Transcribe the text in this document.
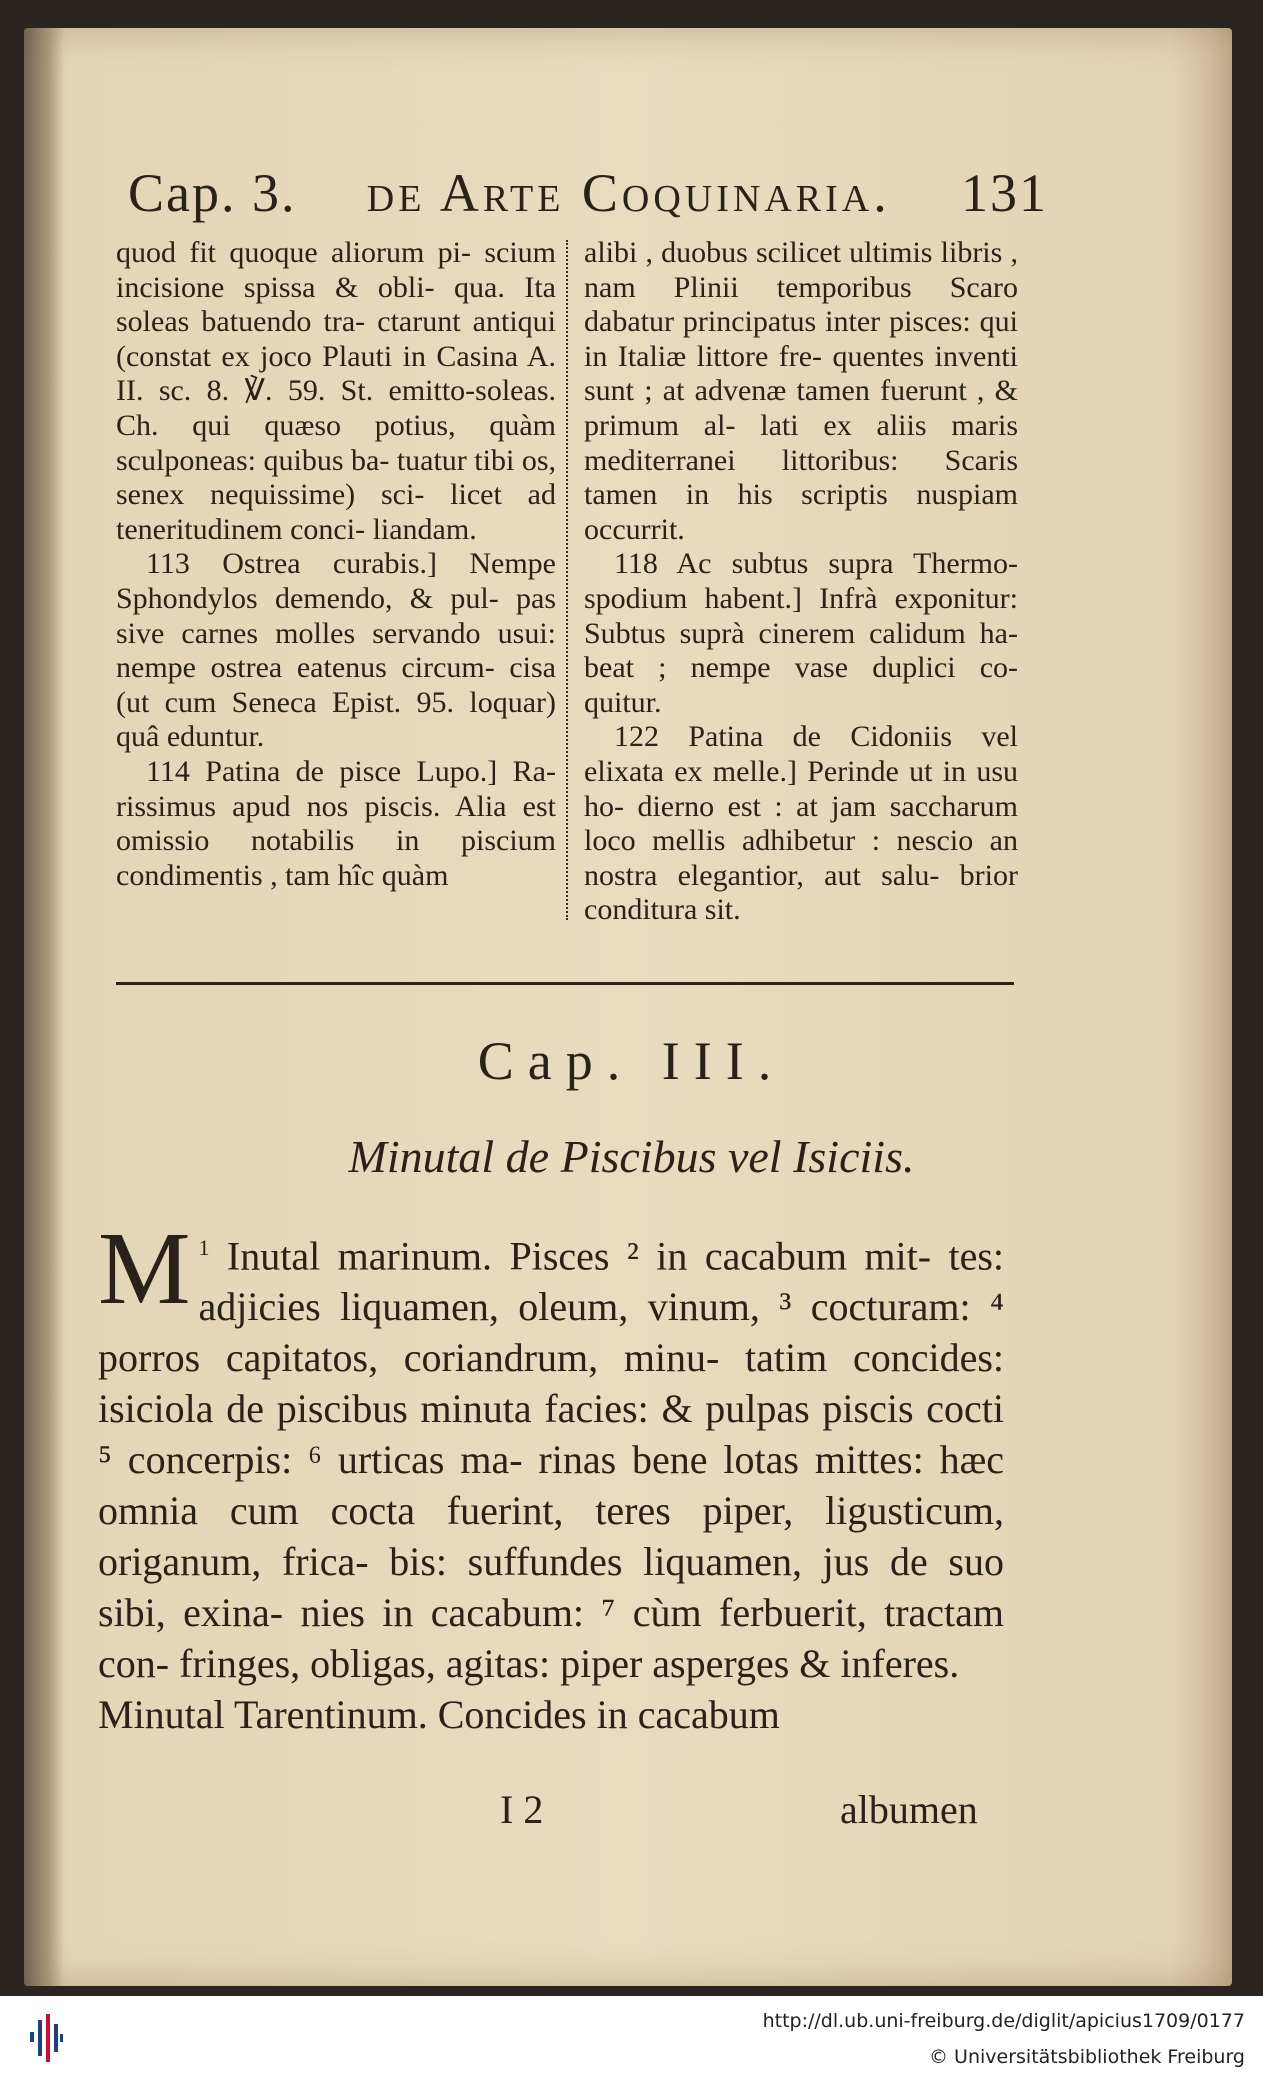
Cap. 3. de Arte Coquinaria. 131

quod fit quoque aliorum pi- scium incisione spissa & obli- qua. Ita soleas batuendo tra- ctarunt antiqui (constat ex joco Plauti in Casina A. II. sc. 8. ℣. 59. St. emitto-soleas. Ch. qui quæso potius, quàm sculponeas: quibus ba- tuatur tibi os, senex nequissime) sci- licet ad teneritudinem conci- liandam.

113 Ostrea curabis.] Nempe Sphondylos demendo, & pul- pas sive carnes molles servando usui: nempe ostrea eatenus circum- cisa (ut cum Seneca Epist. 95. loquar) quâ eduntur.

114 Patina de pisce Lupo.] Ra- rissimus apud nos piscis. Alia est omissio notabilis in piscium condimentis , tam hîc quàm

alibi , duobus scilicet ultimis libris , nam Plinii temporibus Scaro dabatur principatus inter pisces: qui in Italiæ littore fre- quentes inventi sunt ; at advenæ tamen fuerunt , & primum al- lati ex aliis maris mediterranei littoribus: Scaris tamen in his scriptis nuspiam occurrit.

118 Ac subtus supra Thermo- spodium habent.] Infrà exponitur: Subtus suprà cinerem calidum ha- beat ; nempe vase duplici co- quitur.

122 Patina de Cidoniis vel elixata ex melle.] Perinde ut in usu ho- dierno est : at jam saccharum loco mellis adhibetur : nescio an nostra elegantior, aut salu- brior conditura sit.

Cap. III.
Minutal de Piscibus vel Isiciis.

$^1$
M Inutal marinum. Pisces ² in cacabum mit- tes: adjicies liquamen, oleum, vinum, ³ cocturam: ⁴ porros capitatos, coriandrum, minu- tatim concides: isiciola de piscibus minuta facies: & pulpas piscis cocti ⁵ concerpis: ⁶ urticas ma- rinas bene lotas mittes: hæc omnia cum cocta fuerint, teres piper, ligusticum, origanum, frica- bis: suffundes liquamen, jus de suo sibi, exina- nies in cacabum: ⁷ cùm ferbuerit, tractam con- fringes, obligas, agitas: piper asperges & inferes.

Minutal Tarentinum. Concides in cacabum

I 2	albumen
http://dl.ub.uni-freiburg.de/diglit/apicius1709/0177
© Universitätsbibliothek Freiburg
